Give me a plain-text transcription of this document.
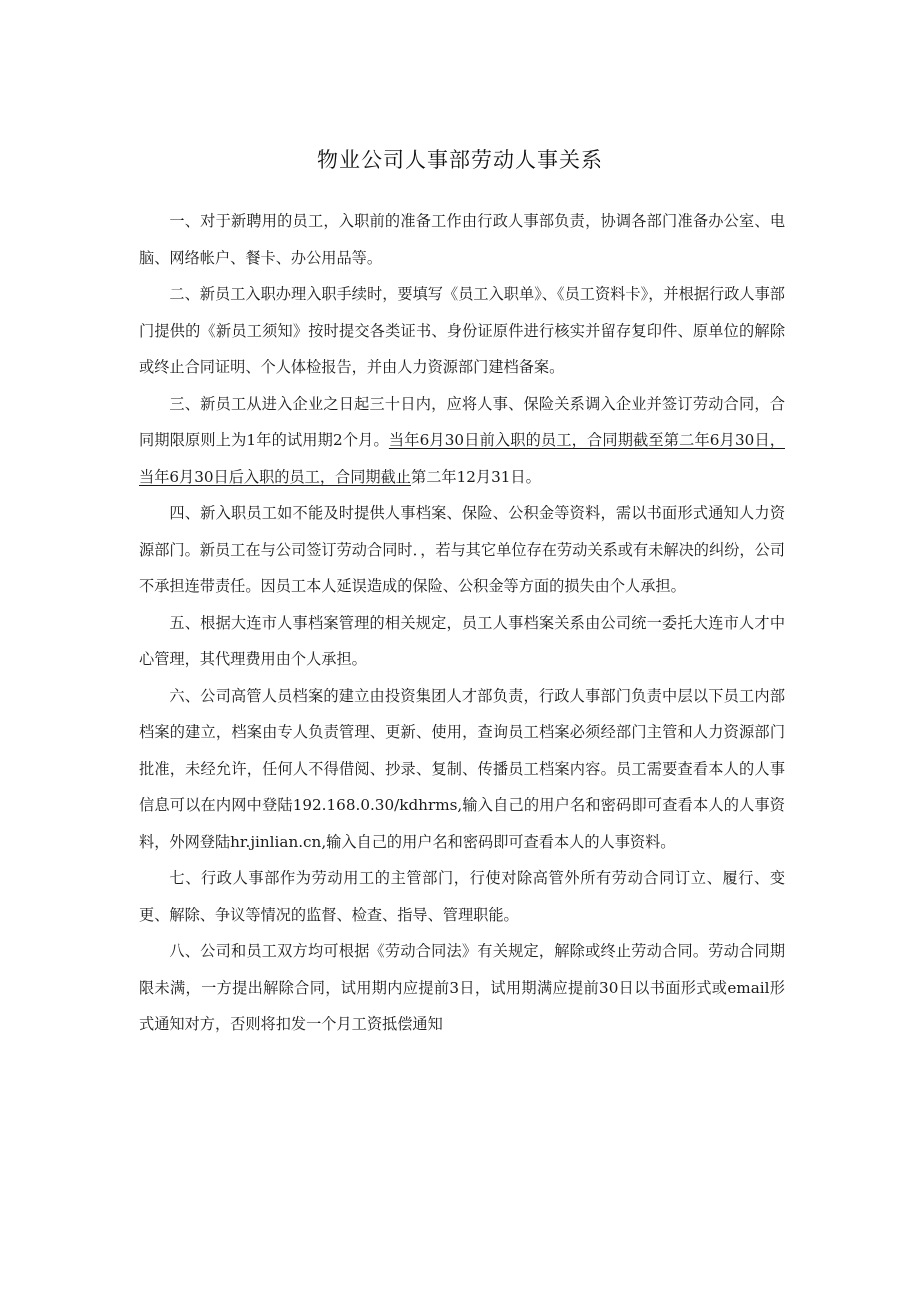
物业公司人事部劳动人事关系

一、对于新聘用的员工，入职前的准备工作由行政人事部负责，协调各部门准备办公室、电脑、网络帐户、餐卡、办公用品等。

二、新员工入职办理入职手续时，要填写《员工入职单》、《员工资料卡》，并根据行政人事部门提供的《新员工须知》按时提交各类证书、身份证原件进行核实并留存复印件、原单位的解除或终止合同证明、个人体检报告，并由人力资源部门建档备案。

三、新员工从进入企业之日起三十日内，应将人事、保险关系调入企业并签订劳动合同，合同期限原则上为1年的试用期2个月。当年6月30日前入职的员工，合同期截至第二年6月30日，当年6月30日后入职的员工，合同期截止第二年12月31日。

四、新入职员工如不能及时提供人事档案、保险、公积金等资料，需以书面形式通知人力资源部门。新员工在与公司签订劳动合同时．，若与其它单位存在劳动关系或有未解决的纠纷，公司不承担连带责任。因员工本人延误造成的保险、公积金等方面的损失由个人承担。

五、根据大连市人事档案管理的相关规定，员工人事档案关系由公司统一委托大连市人才中心管理，其代理费用由个人承担。

六、公司高管人员档案的建立由投资集团人才部负责，行政人事部门负责中层以下员工内部档案的建立，档案由专人负责管理、更新、使用，查询员工档案必须经部门主管和人力资源部门批准，未经允许，任何人不得借阅、抄录、复制、传播员工档案内容。员工需要查看本人的人事信息可以在内网中登陆192.168.0.30/kdhrms,输入自己的用户名和密码即可查看本人的人事资料，外网登陆hr.jinlian.cn,输入自己的用户名和密码即可查看本人的人事资料。

七、行政人事部作为劳动用工的主管部门，行使对除高管外所有劳动合同订立、履行、变更、解除、争议等情况的监督、检查、指导、管理职能。

八、公司和员工双方均可根据《劳动合同法》有关规定，解除或终止劳动合同。劳动合同期限未满，一方提出解除合同，试用期内应提前3日，试用期满应提前30日以书面形式或email形式通知对方，否则将扣发一个月工资抵偿通知
